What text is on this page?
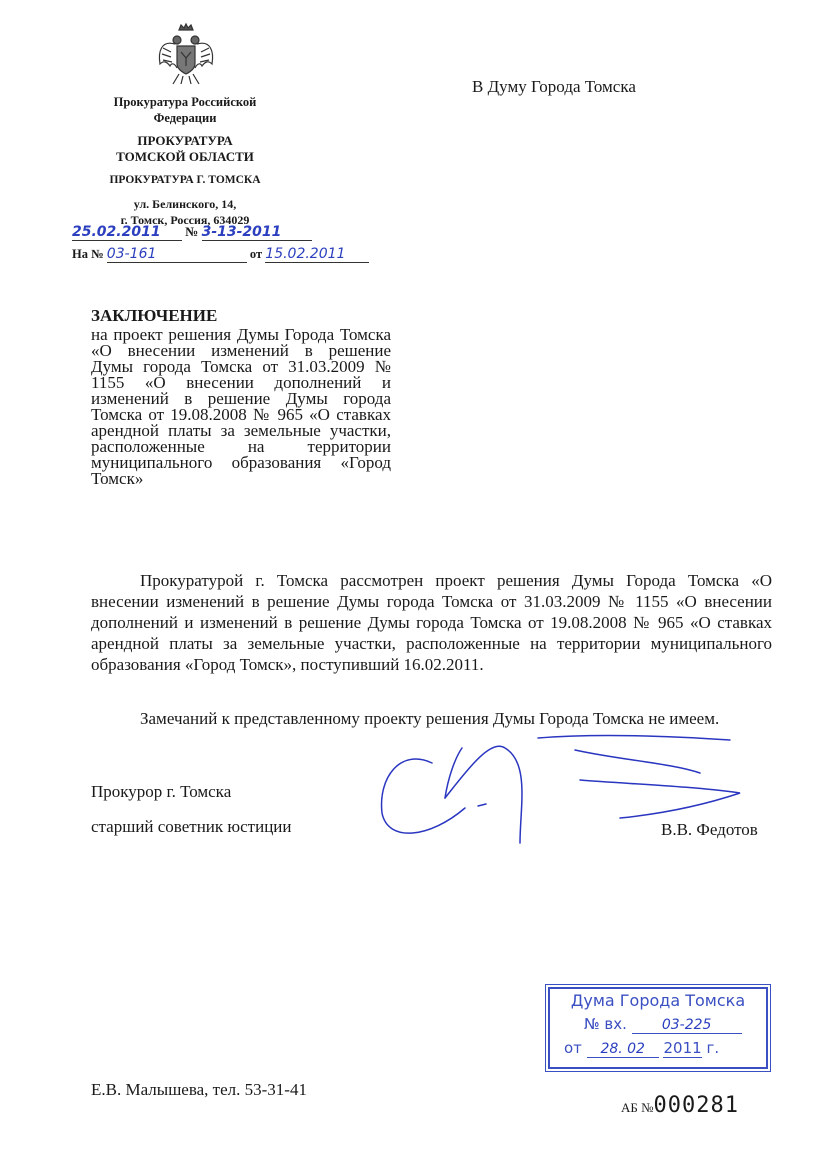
Прокуратура Российской
Федерации
ПРОКУРАТУРА
ТОМСКОЙ ОБЛАСТИ
ПРОКУРАТУРА Г. ТОМСКА
ул. Белинского, 14,
г. Томск, Россия, 634029
25.02.2011 № 3-13-2011
На № 03-161	от 15.02.2011
В Думу Города Томска
ЗАКЛЮЧЕНИЕ
на проект решения Думы Города Томска «О внесении изменений в решение Думы города Томска от 31.03.2009 № 1155 «О внесении дополнений и изменений в решение Думы города Томска от 19.08.2008 № 965 «О ставках арендной платы за земельные участки, расположенные на территории муниципального образования «Город Томск»
Прокуратурой г. Томска рассмотрен проект решения Думы Города Томска «О внесении изменений в решение Думы города Томска от 31.03.2009 № 1155 «О внесении дополнений и изменений в решение Думы города Томска от 19.08.2008 № 965 «О ставках арендной платы за земельные участки, расположенные на территории муниципального образования «Город Томск», поступивший 16.02.2011.
Замечаний к представленному проекту решения Думы Города Томска не имеем.
Прокурор г. Томска
старший советник юстиции	В.В. Федотов
Дума Города Томска
№ вх. 03-225
от 28. 02 2011 г.
Е.В. Малышева, тел. 53-31-41
АБ №000281
